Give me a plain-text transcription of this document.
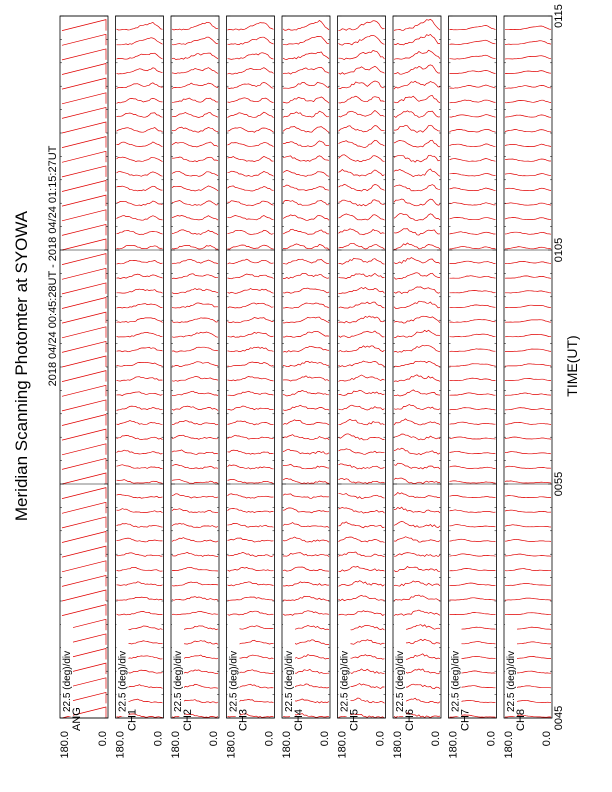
Meridian Scanning Photomter at SYOWA 2018 04/24 00:45:28UT - 2018 04/24 01:15:27UT	TIME(UT)
0045
0055
0105
0115
22.5 (deg)/div
180.0 0.0
ANG
22.5 (deg)/div
180.0 0.0
CH1
22.5 (deg)/div
180.0 0.0
CH2
22.5 (deg)/div
180.0 0.0
CH3
22.5 (deg)/div
180.0 0.0
CH4
22.5 (deg)/div
180.0 0.0
CH5
22.5 (deg)/div
180.0 0.0
CH6
22.5 (deg)/div
180.0 0.0
CH7
22.5 (deg)/div
180.0 0.0
CH8
